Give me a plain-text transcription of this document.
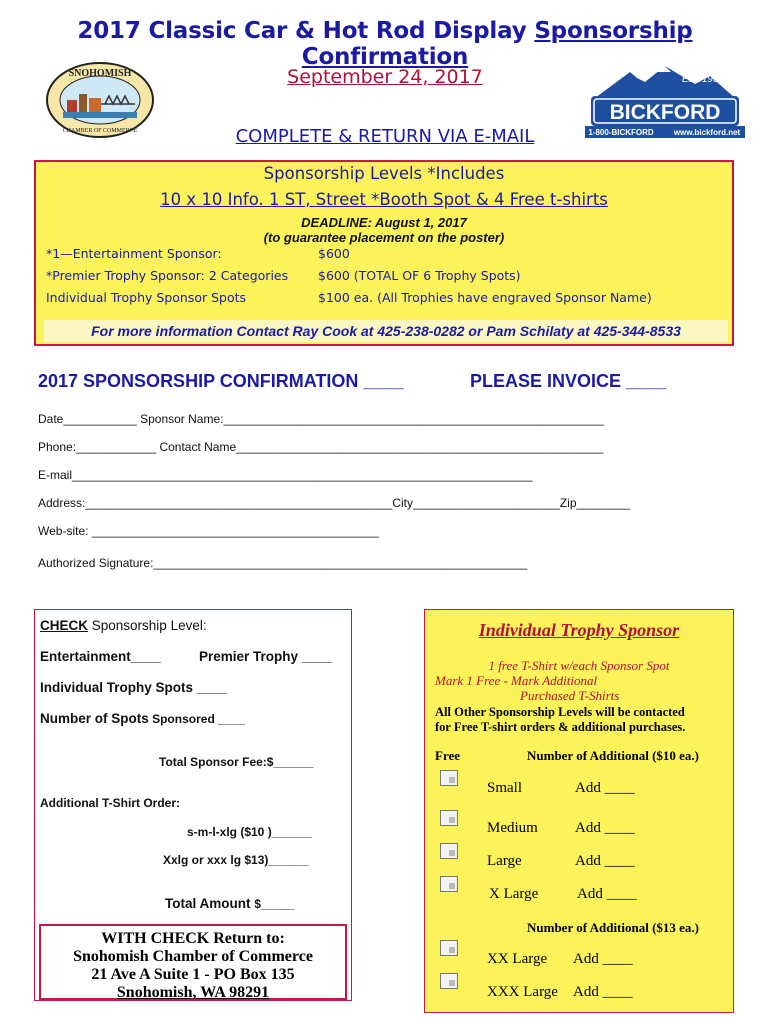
2017 Classic Car & Hot Rod Display Sponsorship Confirmation
September 24, 2017
COMPLETE & RETURN VIA E-MAIL
SNOHOMISH
CHAMBER OF COMMERCE
Est. 1934
BICKFORD
1-800-BICKFORD	www.bickford.net
Sponsorship Levels *Includes
10 x 10 Info. 1 ST, Street *Booth Spot & 4 Free t-shirts
DEADLINE: August 1, 2017
(to guarantee placement on the poster)
*1—Entertainment Sponsor:	$600
*Premier Trophy Sponsor: 2 Categories $600 (TOTAL OF 6 Trophy Spots)
Individual Trophy Sponsor Spots	$100 ea. (All Trophies have engraved Sponsor Name)
For more information Contact Ray Cook at 425-238-0282 or Pam Schilaty at 425-344-8533
2017 SPONSORSHIP CONFIRMATION ____	PLEASE INVOICE ____
Date___________ Sponsor Name:_________________________________________________________
Phone:____________ Contact Name_______________________________________________________
E-mail_____________________________________________________________________
Address:______________________________________________City______________________Zip________
Web-site: ___________________________________________
Authorized Signature:________________________________________________________
CHECK Sponsorship Level:
Entertainment____	Premier Trophy ____
Individual Trophy Spots ____
Number of Spots Sponsored ____
Total Sponsor Fee:$______
Additional T-Shirt Order:
s-m-l-xlg ($10 )______
Xxlg or xxx lg $13)______
Total Amount $_____
WITH CHECK Return to:
Snohomish Chamber of Commerce
21 Ave A Suite 1 - PO Box 135
Snohomish, WA 98291
Individual Trophy Sponsor
1 free T-Shirt w/each Sponsor Spot
Mark 1 Free - Mark Additional
Purchased T-Shirts
All Other Sponsorship Levels will be contacted
for Free T-shirt orders & additional purchases.
Free	Number of Additional ($10 ea.)
Small	Add ____
Medium Add ____
Large	Add ____
X Large	Add ____
Number of Additional ($13 ea.)
XX Large Add ____
XXX Large Add ____
